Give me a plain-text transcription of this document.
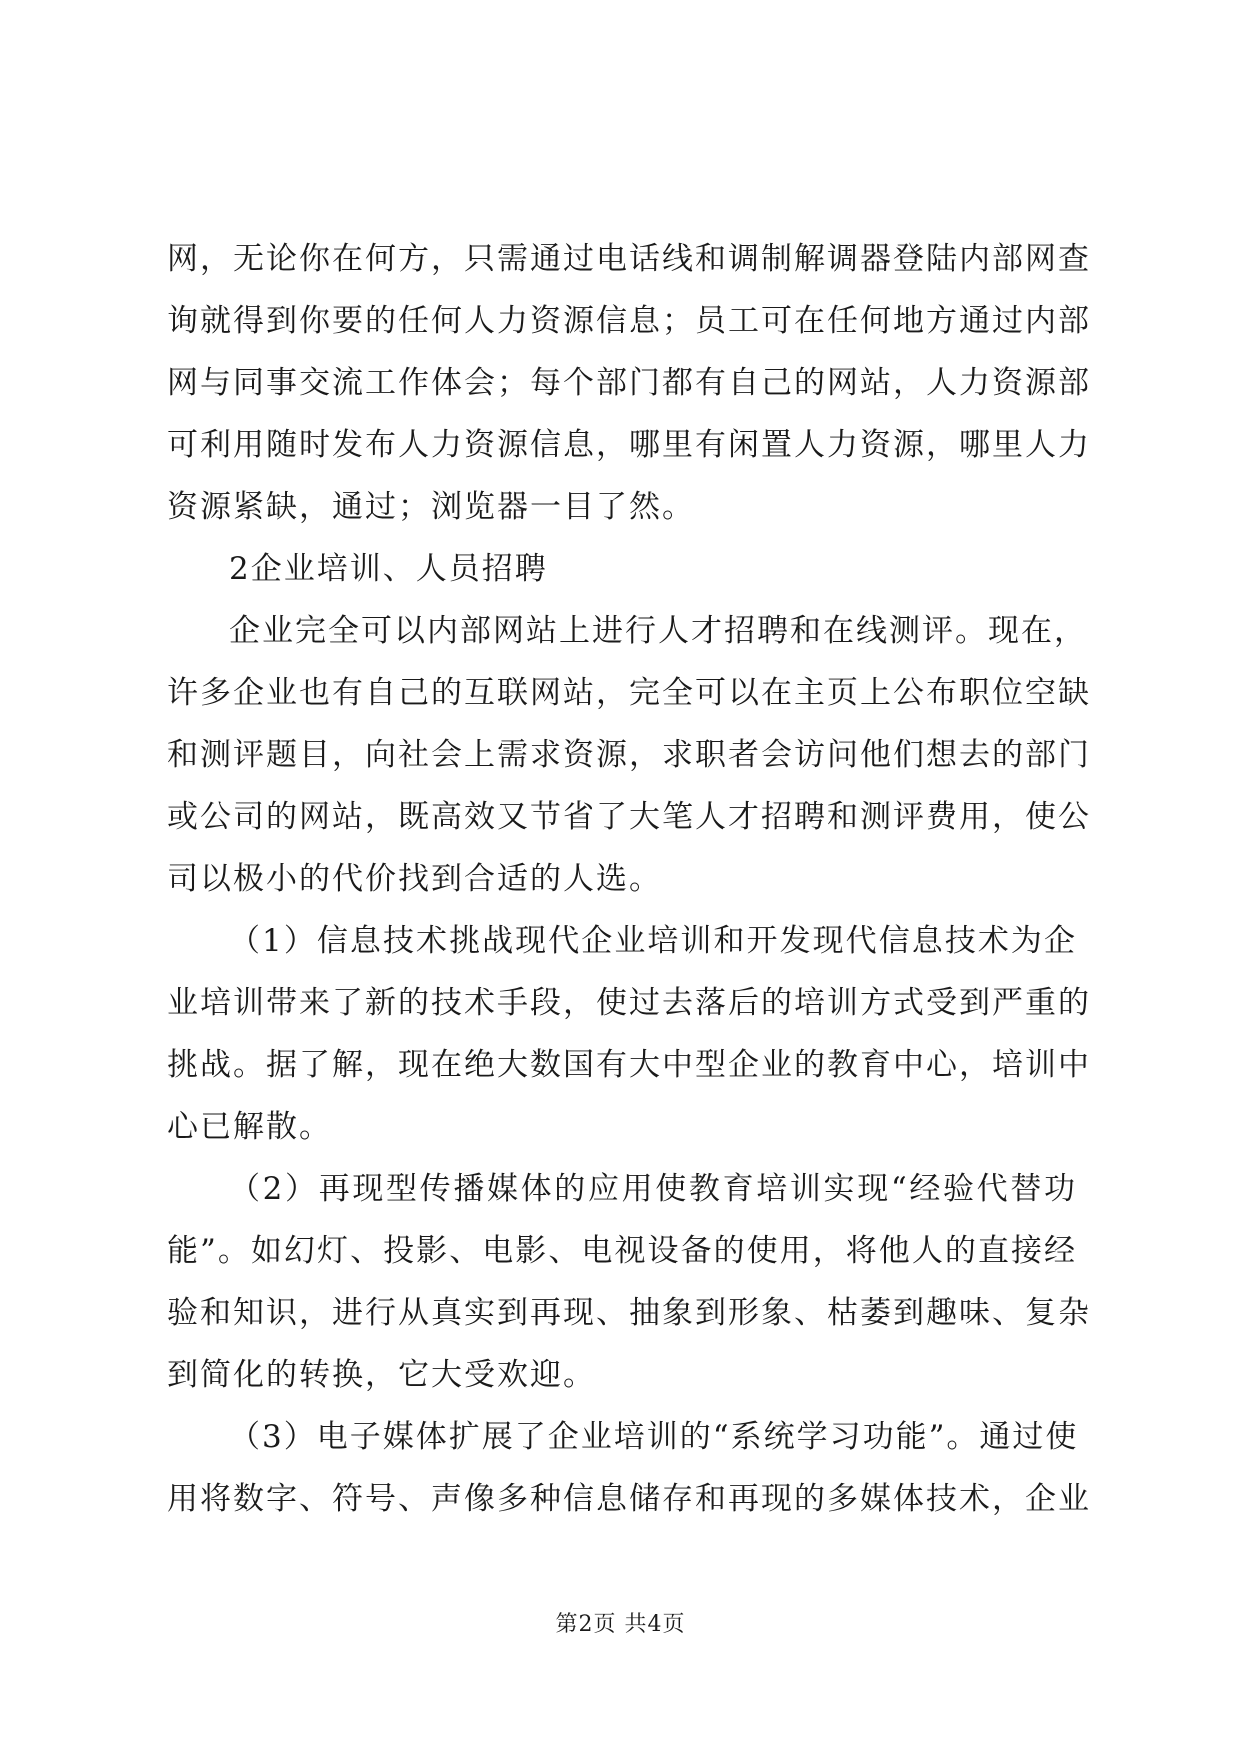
网，无论你在何方，只需通过电话线和调制解调器登陆内部网查
询就得到你要的任何人力资源信息；员工可在任何地方通过内部
网与同事交流工作体会；每个部门都有自己的网站，人力资源部
可利用随时发布人力资源信息，哪里有闲置人力资源，哪里人力
资源紧缺，通过；浏览器一目了然。
2企业培训、人员招聘
企业完全可以内部网站上进行人才招聘和在线测评。现在，
许多企业也有自己的互联网站，完全可以在主页上公布职位空缺
和测评题目，向社会上需求资源，求职者会访问他们想去的部门
或公司的网站，既高效又节省了大笔人才招聘和测评费用，使公
司以极小的代价找到合适的人选。
（1）信息技术挑战现代企业培训和开发现代信息技术为企
业培训带来了新的技术手段，使过去落后的培训方式受到严重的
挑战。据了解，现在绝大数国有大中型企业的教育中心，培训中
心已解散。
（2）再现型传播媒体的应用使教育培训实现“经验代替功
能”。如幻灯、投影、电影、电视设备的使用，将他人的直接经
验和知识，进行从真实到再现、抽象到形象、枯萎到趣味、复杂
到简化的转换，它大受欢迎。
（3）电子媒体扩展了企业培训的“系统学习功能”。通过使
用将数字、符号、声像多种信息储存和再现的多媒体技术，企业
第2页 共4页
